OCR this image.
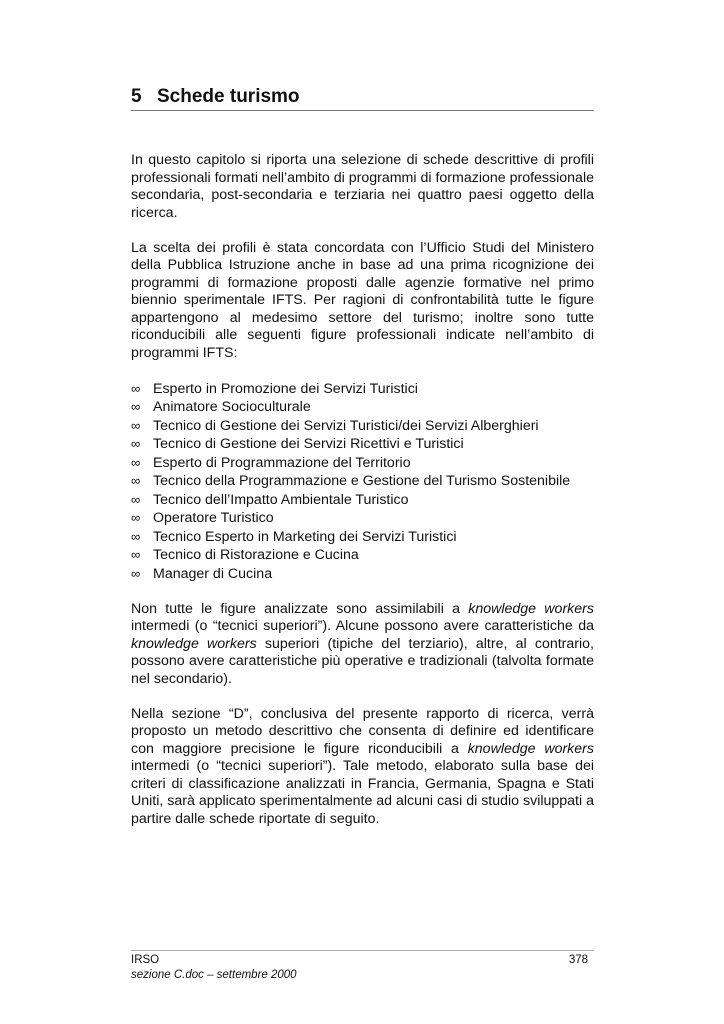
5 Schede turismo

In questo capitolo si riporta una selezione di schede descrittive di profili professionali formati nell’ambito di programmi di formazione professionale secondaria, post-secondaria e terziaria nei quattro paesi oggetto della ricerca.

La scelta dei profili è stata concordata con l’Ufficio Studi del Ministero della Pubblica Istruzione anche in base ad una prima ricognizione dei programmi di formazione proposti dalle agenzie formative nel primo biennio sperimentale IFTS. Per ragioni di confrontabilità tutte le figure appartengono al medesimo settore del turismo; inoltre sono tutte riconducibili alle seguenti figure professionali indicate nell’ambito di programmi IFTS:

∞ Esperto in Promozione dei Servizi Turistici
∞ Animatore Socioculturale
∞ Tecnico di Gestione dei Servizi Turistici/dei Servizi Alberghieri
∞ Tecnico di Gestione dei Servizi Ricettivi e Turistici
∞ Esperto di Programmazione del Territorio
∞ Tecnico della Programmazione e Gestione del Turismo Sostenibile
∞ Tecnico dell’Impatto Ambientale Turistico
∞ Operatore Turistico
∞ Tecnico Esperto in Marketing dei Servizi Turistici
∞ Tecnico di Ristorazione e Cucina
∞ Manager di Cucina

Non tutte le figure analizzate sono assimilabili a knowledge workers intermedi (o “tecnici superiori”). Alcune possono avere caratteristiche da knowledge workers superiori (tipiche del terziario), altre, al contrario, possono avere caratteristiche più operative e tradizionali (talvolta formate nel secondario).

Nella sezione “D”, conclusiva del presente rapporto di ricerca, verrà proposto un metodo descrittivo che consenta di definire ed identificare con maggiore precisione le figure riconducibili a knowledge workers intermedi (o “tecnici superiori”). Tale metodo, elaborato sulla base dei criteri di classificazione analizzati in Francia, Germania, Spagna e Stati Uniti, sarà applicato sperimentalmente ad alcuni casi di studio sviluppati a partire dalle schede riportate di seguito.

IRSO	378
sezione C.doc – settembre 2000
